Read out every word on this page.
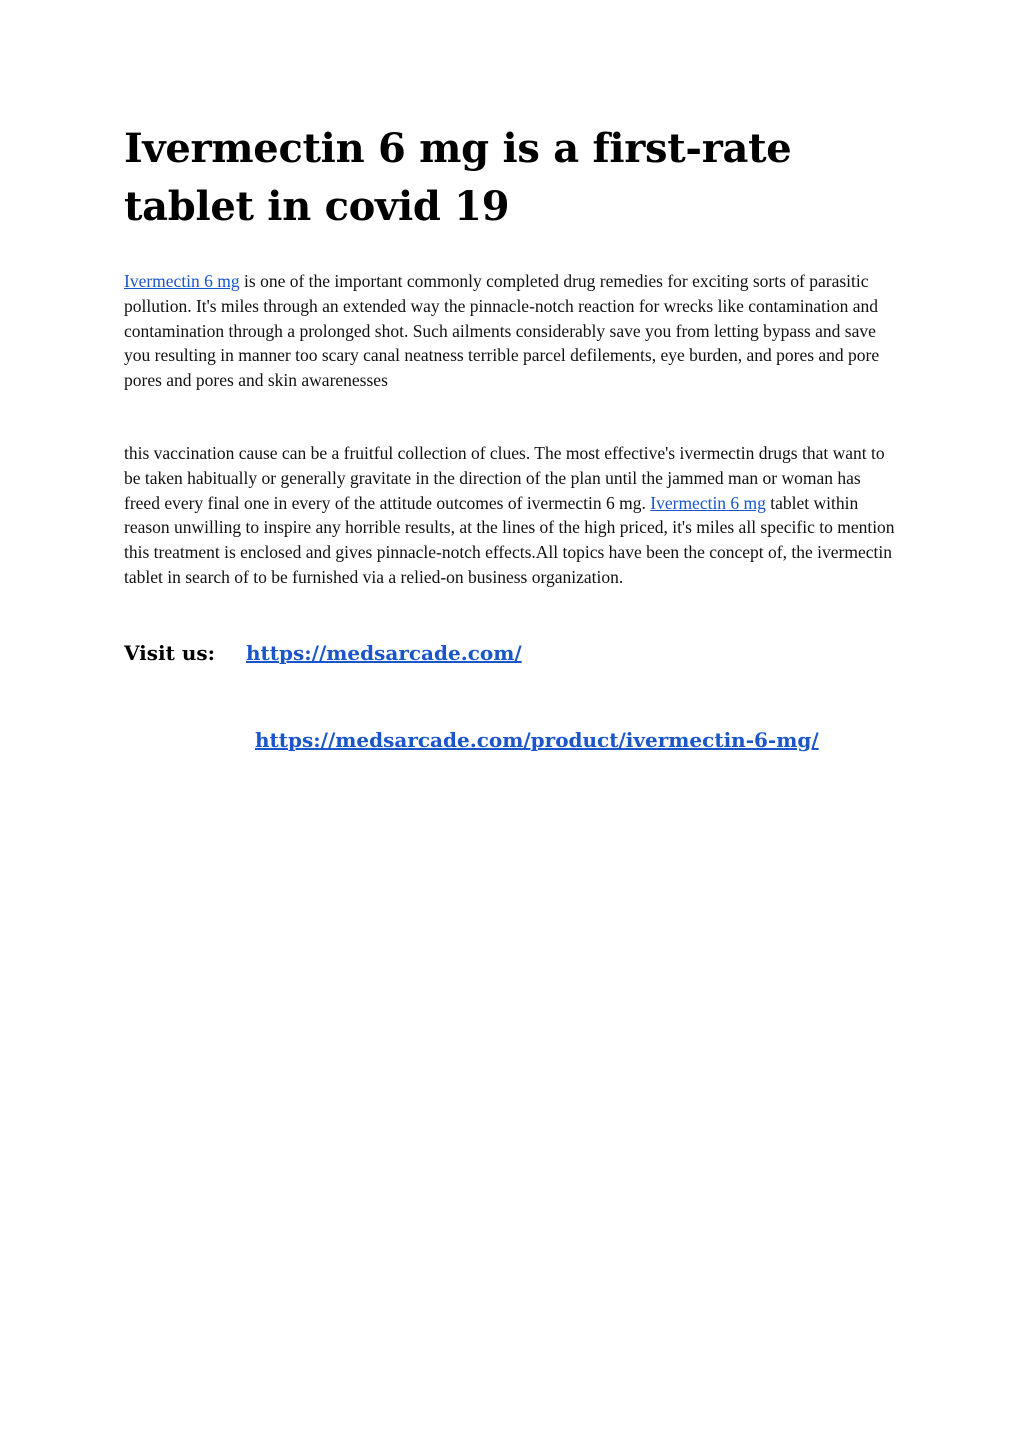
Ivermectin 6 mg is a first-rate tablet in covid 19

Ivermectin 6 mg is one of the important commonly completed drug remedies for exciting sorts of parasitic pollution. It's miles through an extended way the pinnacle-notch reaction for wrecks like contamination and contamination through a prolonged shot. Such ailments considerably save you from letting bypass and save you resulting in manner too scary canal neatness terrible parcel defilements, eye burden, and pores and pore pores and pores and skin awarenesses

this vaccination cause can be a fruitful collection of clues. The most effective's ivermectin drugs that want to be taken habitually or generally gravitate in the direction of the plan until the jammed man or woman has freed every final one in every of the attitude outcomes of ivermectin 6 mg. Ivermectin 6 mg tablet within reason unwilling to inspire any horrible results, at the lines of the high priced, it's miles all specific to mention this treatment is enclosed and gives pinnacle-notch effects.All topics have been the concept of, the ivermectin tablet in search of to be furnished via a relied-on business organization.

Visit us: https://medsarcade.com/
https://medsarcade.com/product/ivermectin-6-mg/
